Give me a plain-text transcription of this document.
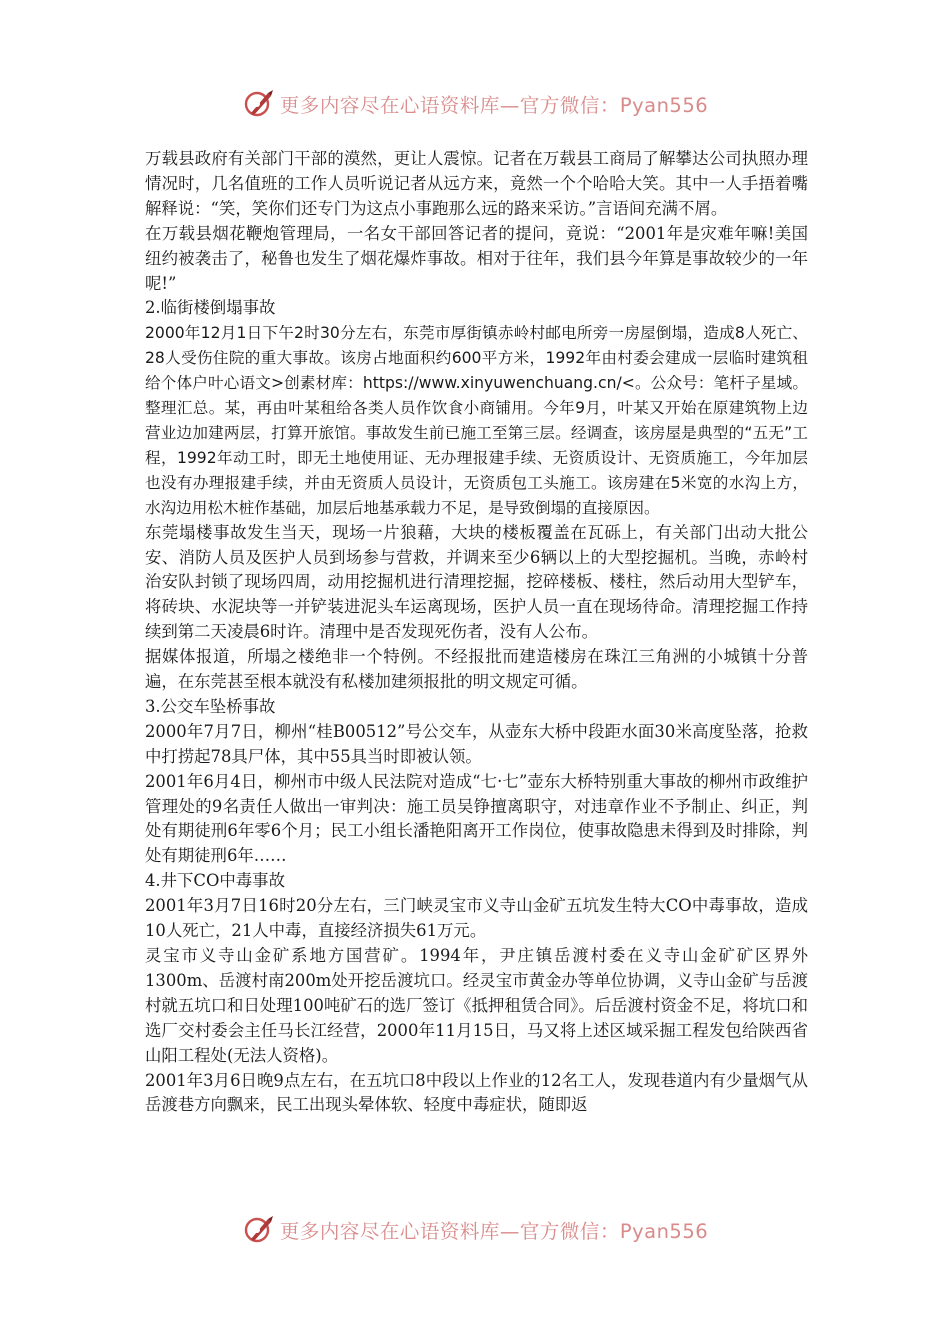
更多内容尽在心语资料库—官方微信：Pyan556

万载县政府有关部门干部的漠然，更让人震惊。记者在万载县工商局了解攀达公司执照办理情况时，几名值班的工作人员听说记者从远方来，竟然一个个哈哈大笑。其中一人手捂着嘴解释说：“笑，笑你们还专门为这点小事跑那么远的路来采访。”言语间充满不屑。

在万载县烟花鞭炮管理局，一名女干部回答记者的提问，竟说：“2001年是灾难年嘛!美国纽约被袭击了，秘鲁也发生了烟花爆炸事故。相对于往年，我们县今年算是事故较少的一年呢!”

2.临街楼倒塌事故

2000年12月1日下午2时30分左右，东莞市厚街镇赤岭村邮电所旁一房屋倒塌，造成8人死亡、28人受伤住院的重大事故。该房占地面积约600平方米，1992年由村委会建成一层临时建筑租给个体户叶心语文>创素材库：https://www.xinyuwenchuang.cn/<。公众号：笔杆子星域。整理汇总。某，再由叶某租给各类人员作饮食小商铺用。今年9月，叶某又开始在原建筑物上边营业边加建两层，打算开旅馆。事故发生前已施工至第三层。经调查，该房屋是典型的“五无”工程，1992年动工时，即无土地使用证、无办理报建手续、无资质设计、无资质施工，今年加层也没有办理报建手续，并由无资质人员设计，无资质包工头施工。该房建在5米宽的水沟上方，水沟边用松木桩作基础，加层后地基承载力不足，是导致倒塌的直接原因。

东莞塌楼事故发生当天，现场一片狼藉，大块的楼板覆盖在瓦砾上，有关部门出动大批公安、消防人员及医护人员到场参与营救，并调来至少6辆以上的大型挖掘机。当晚，赤岭村治安队封锁了现场四周，动用挖掘机进行清理挖掘，挖碎楼板、楼柱，然后动用大型铲车，将砖块、水泥块等一并铲装进泥头车运离现场，医护人员一直在现场待命。清理挖掘工作持续到第二天凌晨6时许。清理中是否发现死伤者，没有人公布。

据媒体报道，所塌之楼绝非一个特例。不经报批而建造楼房在珠江三角洲的小城镇十分普遍，在东莞甚至根本就没有私楼加建须报批的明文规定可循。

3.公交车坠桥事故

2000年7月7日，柳州“桂B00512”号公交车，从壶东大桥中段距水面30米高度坠落，抢救中打捞起78具尸体，其中55具当时即被认领。

2001年6月4日，柳州市中级人民法院对造成“七·七”壶东大桥特别重大事故的柳州市政维护管理处的9名责任人做出一审判决：施工员吴铮擅离职守，对违章作业不予制止、纠正，判处有期徒刑6年零6个月；民工小组长潘艳阳离开工作岗位，使事故隐患未得到及时排除，判处有期徒刑6年……

4.井下CO中毒事故

2001年3月7日16时20分左右，三门峡灵宝市义寺山金矿五坑发生特大CO中毒事故，造成10人死亡，21人中毒，直接经济损失61万元。

灵宝市义寺山金矿系地方国营矿。1994年，尹庄镇岳渡村委在义寺山金矿矿区界外1300m、岳渡村南200m处开挖岳渡坑口。经灵宝市黄金办等单位协调，义寺山金矿与岳渡村就五坑口和日处理100吨矿石的选厂签订《抵押租赁合同》。后岳渡村资金不足，将坑口和选厂交村委会主任马长江经营，2000年11月15日，马又将上述区域采掘工程发包给陕西省山阳工程处(无法人资格)。

2001年3月6日晚9点左右，在五坑口8中段以上作业的12名工人，发现巷道内有少量烟气从岳渡巷方向飘来，民工出现头晕体软、轻度中毒症状，随即返

更多内容尽在心语资料库—官方微信：Pyan556
